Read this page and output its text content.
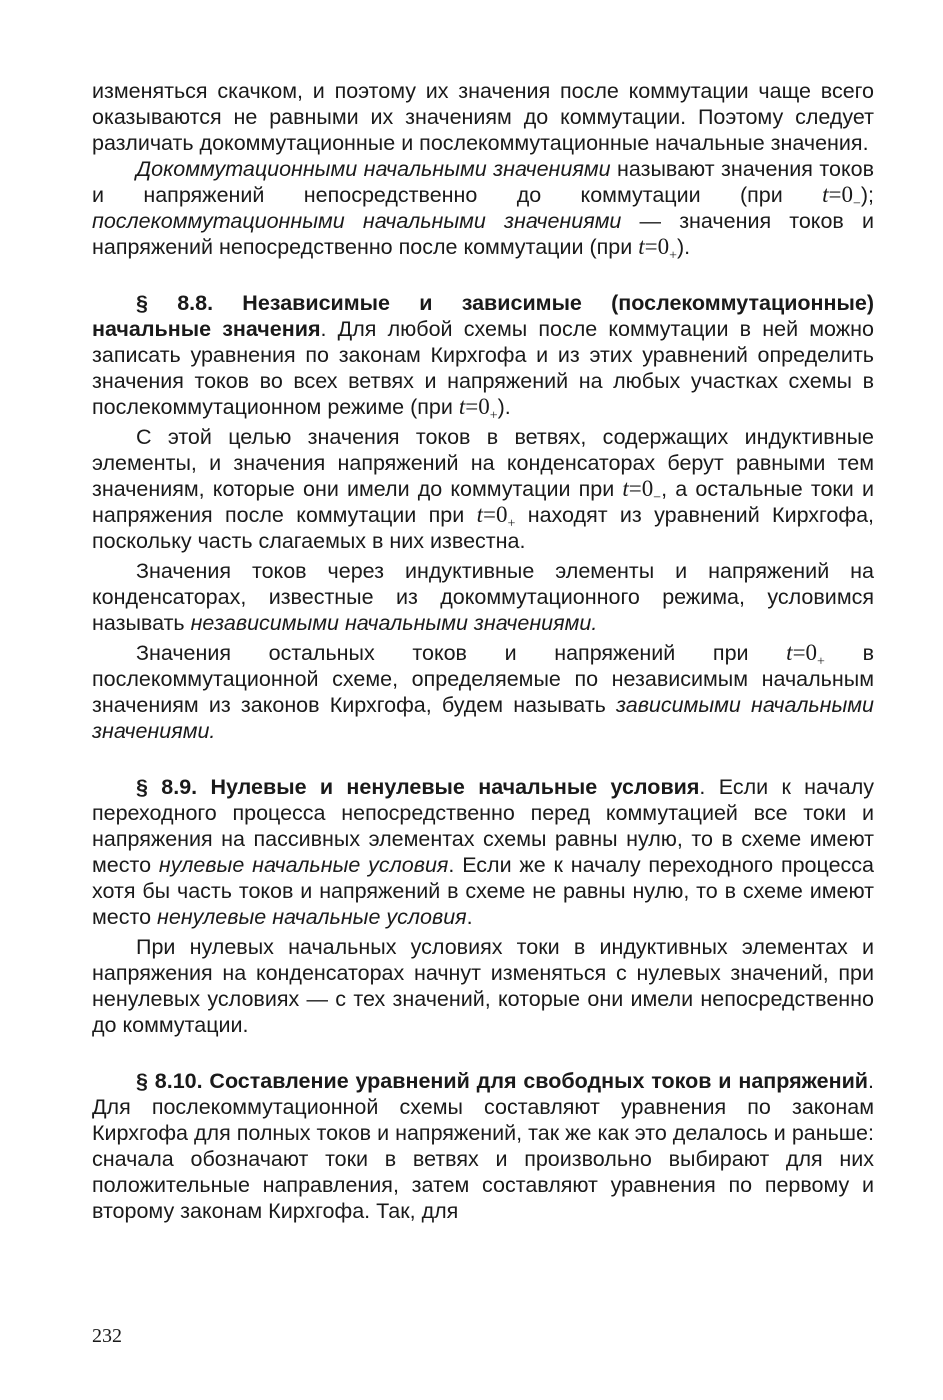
изменяться скачком, и поэтому их значения после коммутации чаще всего оказываются не равными их значениям до коммутации. Поэтому следует различать докоммутационные и послекоммутационные начальные значения.

Докоммутационными начальными значениями называют значения токов и напряжений непосредственно до коммутации (при $t=0_-$); послекоммутационными начальными значениями — значения токов и напряжений непосредственно после коммутации (при $t=0_+$).

§ 8.8. Независимые и зависимые (послекоммутационные) начальные значения. Для любой схемы после коммутации в ней можно записать уравнения по законам Кирхгофа и из этих уравнений определить значения токов во всех ветвях и напряжений на любых участках схемы в послекоммутационном режиме (при $t=0_+$).

С этой целью значения токов в ветвях, содержащих индуктивные элементы, и значения напряжений на конденсаторах берут равными тем значениям, которые они имели до коммутации при $t=0_-$, а остальные токи и напряжения после коммутации при $t=0_+$ находят из уравнений Кирхгофа, поскольку часть слагаемых в них известна.

Значения токов через индуктивные элементы и напряжений на конденсаторах, известные из докоммутационного режима, условимся называть независимыми начальными значениями.

Значения остальных токов и напряжений при $t=0_+$ в послекоммутационной схеме, определяемые по независимым начальным значениям из законов Кирхгофа, будем называть зависимыми начальными значениями.

§ 8.9. Нулевые и ненулевые начальные условия. Если к началу переходного процесса непосредственно перед коммутацией все токи и напряжения на пассивных элементах схемы равны нулю, то в схеме имеют место нулевые начальные условия. Если же к началу переходного процесса хотя бы часть токов и напряжений в схеме не равны нулю, то в схеме имеют место ненулевые начальные условия.

При нулевых начальных условиях токи в индуктивных элементах и напряжения на конденсаторах начнут изменяться с нулевых значений, при ненулевых условиях — с тех значений, которые они имели непосредственно до коммутации.

§ 8.10. Составление уравнений для свободных токов и напряжений. Для послекоммутационной схемы составляют уравнения по законам Кирхгофа для полных токов и напряжений, так же как это делалось и раньше: сначала обозначают токи в ветвях и произвольно выбирают для них положительные направления, затем составляют уравнения по первому и второму законам Кирхгофа. Так, для

232
